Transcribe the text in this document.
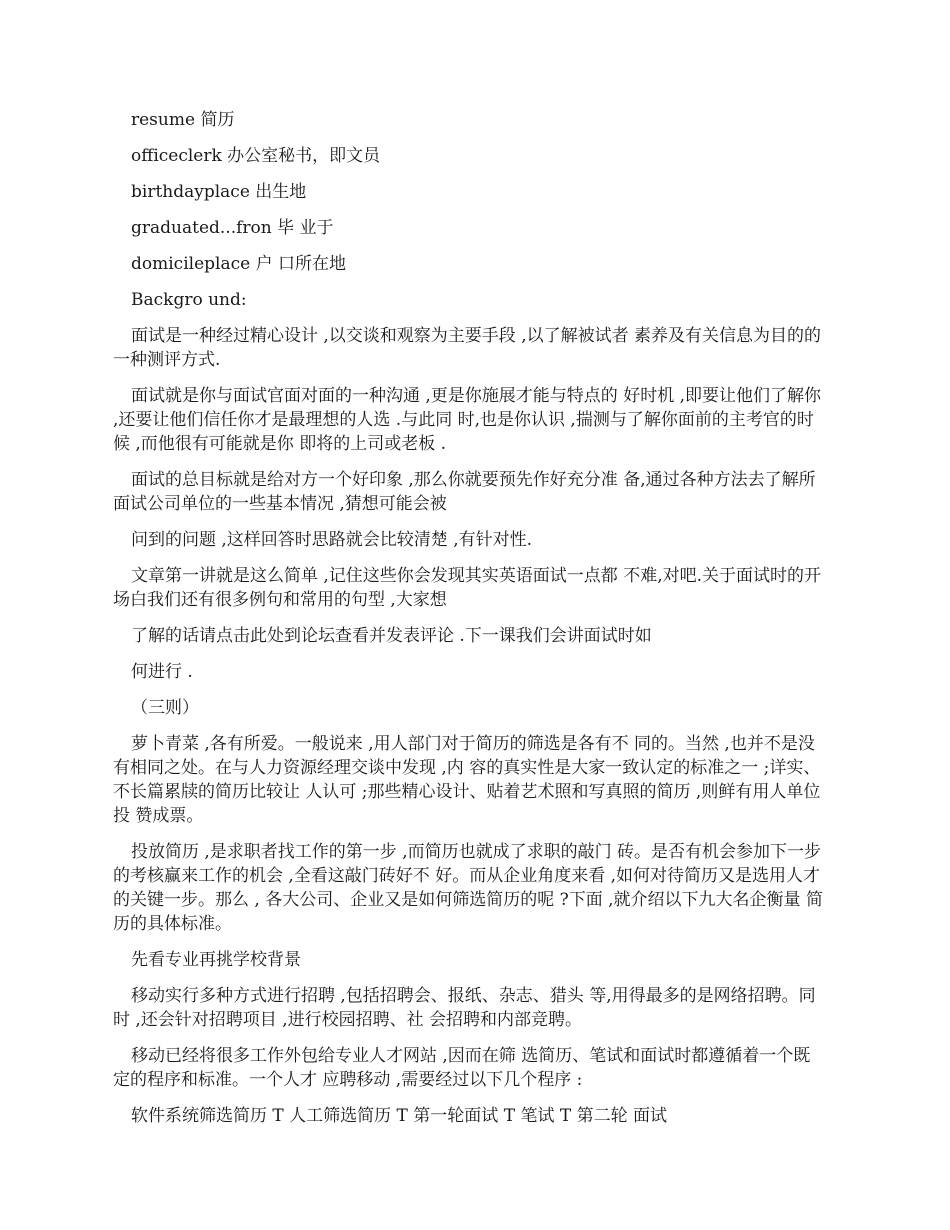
resume 简历

officeclerk 办公室秘书，即文员

birthdayplace 出生地

graduated...fron 毕 业于

domicileplace 户 口所在地

Backgro und:

面试是一种经过精心设计 ,以交谈和观察为主要手段 ,以了解被试者 素养及有关信息为目的的一种测评方式.

面试就是你与面试官面对面的一种沟通 ,更是你施展才能与特点的 好时机 ,即要让他们了解你 ,还要让他们信任你才是最理想的人选 .与此同 时,也是你认识 ,揣测与了解你面前的主考官的时候 ,而他很有可能就是你 即将的上司或老板 .

面试的总目标就是给对方一个好印象 ,那么你就要预先作好充分准 备,通过各种方法去了解所面试公司单位的一些基本情况 ,猜想可能会被

问到的问题 ,这样回答时思路就会比较清楚 ,有针对性.

文章第一讲就是这么简单 ,记住这些你会发现其实英语面试一点都 不难,对吧.关于面试时的开场白我们还有很多例句和常用的句型 ,大家想

了解的话请点击此处到论坛查看并发表评论 .下一课我们会讲面试时如

何进行 .

（三则）

萝卜青菜 ,各有所爱。一般说来 ,用人部门对于简历的筛选是各有不 同的。当然 ,也并不是没有相同之处。在与人力资源经理交谈中发现 ,内 容的真实性是大家一致认定的标准之一 ;详实、不长篇累牍的简历比较让 人认可 ;那些精心设计、贴着艺术照和写真照的简历 ,则鲜有用人单位投 赞成票。

投放简历 ,是求职者找工作的第一步 ,而简历也就成了求职的敲门 砖。是否有机会参加下一步的考核赢来工作的机会 ,全看这敲门砖好不 好。而从企业角度来看 ,如何对待简历又是选用人才的关键一步。那么 , 各大公司、企业又是如何筛选简历的呢 ?下面 ,就介绍以下九大名企衡量 简历的具体标准。

先看专业再挑学校背景

移动实行多种方式进行招聘 ,包括招聘会、报纸、杂志、猎头 等,用得最多的是网络招聘。同时 ,还会针对招聘项目 ,进行校园招聘、社 会招聘和内部竞聘。

移动已经将很多工作外包给专业人才网站 ,因而在筛 选简历、笔试和面试时都遵循着一个既定的程序和标准。一个人才 应聘移动 ,需要经过以下几个程序 :

软件系统筛选简历 T 人工筛选简历 T 第一轮面试 T 笔试 T 第二轮 面试
